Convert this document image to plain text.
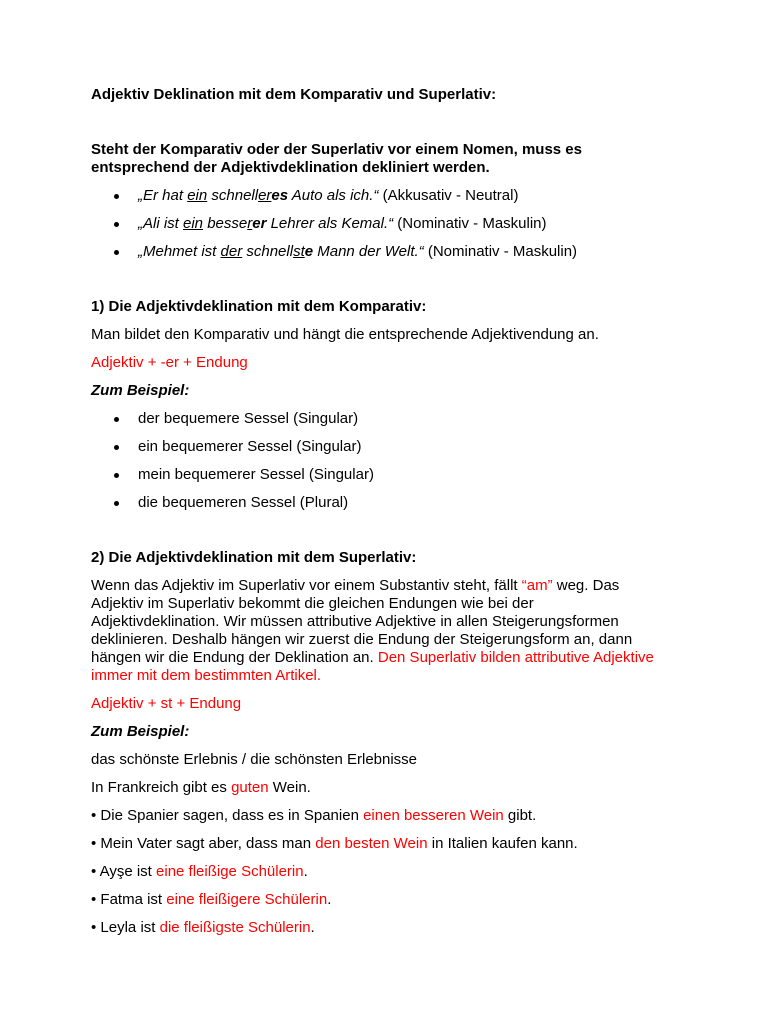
Adjektiv Deklination mit dem Komparativ und Superlativ:
Steht der Komparativ oder der Superlativ vor einem Nomen, muss es
entsprechend der Adjektivdeklination dekliniert werden.
„Er hat ein schnelleres Auto als ich.“ (Akkusativ - Neutral)
„Ali ist ein besserer Lehrer als Kemal.“ (Nominativ - Maskulin)
„Mehmet ist der schnellste Mann der Welt.“ (Nominativ - Maskulin)
1) Die Adjektivdeklination mit dem Komparativ:
Man bildet den Komparativ und hängt die entsprechende Adjektivendung an.
Adjektiv + -er + Endung
Zum Beispiel:
der bequemere Sessel (Singular)
ein bequemerer Sessel (Singular)
mein bequemerer Sessel (Singular)
die bequemeren Sessel (Plural)
2) Die Adjektivdeklination mit dem Superlativ:
Wenn das Adjektiv im Superlativ vor einem Substantiv steht, fällt “am” weg. Das
Adjektiv im Superlativ bekommt die gleichen Endungen wie bei der
Adjektivdeklination. Wir müssen attributive Adjektive in allen Steigerungsformen
deklinieren. Deshalb hängen wir zuerst die Endung der Steigerungsform an, dann
hängen wir die Endung der Deklination an. Den Superlativ bilden attributive Adjektive
immer mit dem bestimmten Artikel.
Adjektiv + st + Endung
Zum Beispiel:
das schönste Erlebnis / die schönsten Erlebnisse
In Frankreich gibt es guten Wein.
• Die Spanier sagen, dass es in Spanien einen besseren Wein gibt.
• Mein Vater sagt aber, dass man den besten Wein in Italien kaufen kann.
• Ayşe ist eine fleißige Schülerin.
• Fatma ist eine fleißigere Schülerin.
• Leyla ist die fleißigste Schülerin.
